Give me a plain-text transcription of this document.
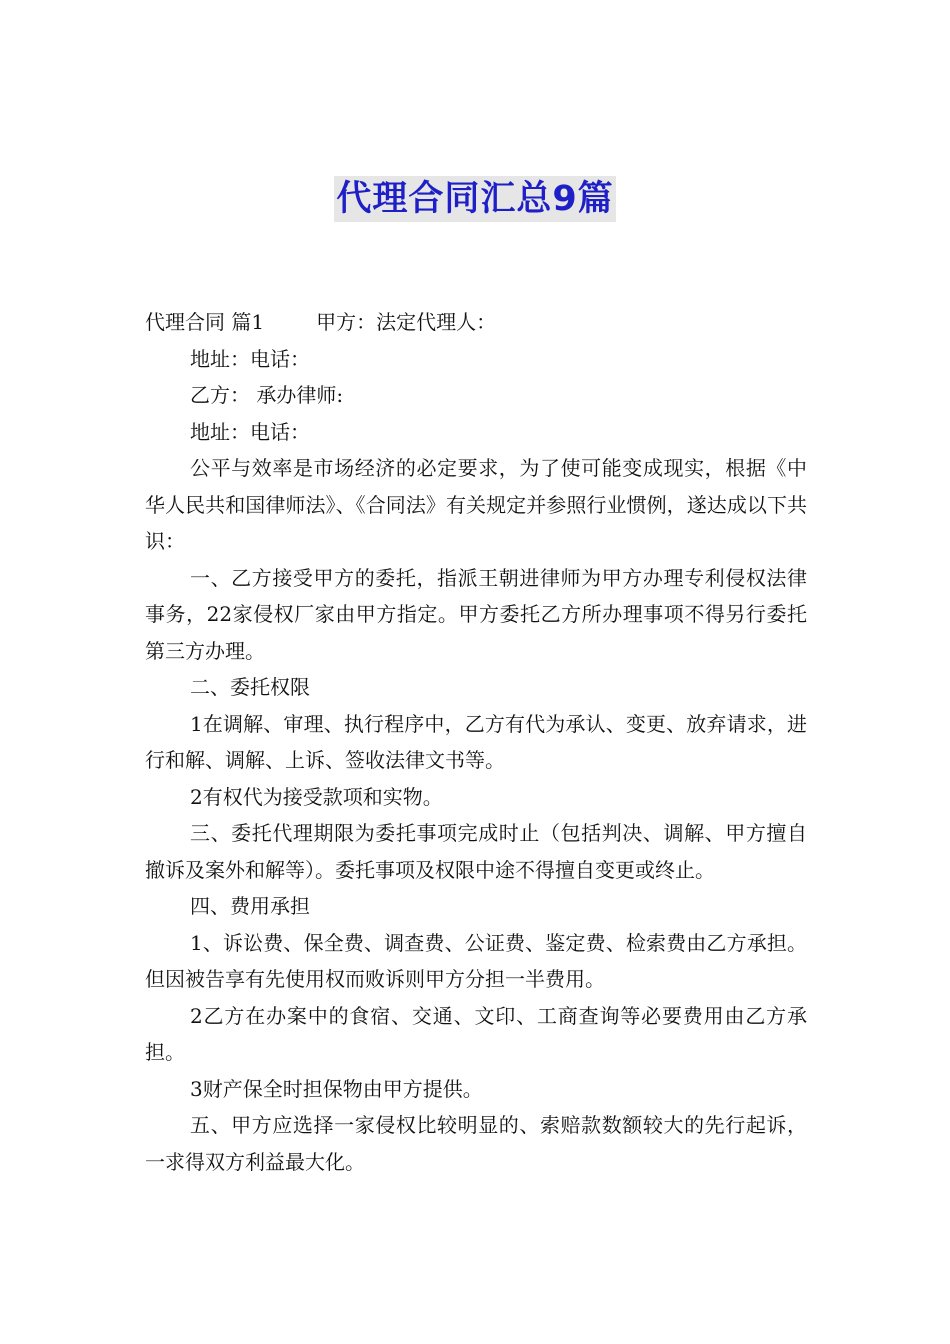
代理合同汇总9篇

代理合同 篇1	甲方：法定代理人：

地址：电话：

乙方： 承办律师:

地址：电话：

公平与效率是市场经济的必定要求，为了使可能变成现实，根据《中华人民共和国律师法》、《合同法》有关规定并参照行业惯例，遂达成以下共识：

一、乙方接受甲方的委托，指派王朝进律师为甲方办理专利侵权法律事务，22家侵权厂家由甲方指定。甲方委托乙方所办理事项不得另行委托第三方办理。

二、委托权限

1在调解、审理、执行程序中，乙方有代为承认、变更、放弃请求，进行和解、调解、上诉、签收法律文书等。

2有权代为接受款项和实物。

三、委托代理期限为委托事项完成时止（包括判决、调解、甲方擅自撤诉及案外和解等）。委托事项及权限中途不得擅自变更或终止。

四、费用承担

1、诉讼费、保全费、调查费、公证费、鉴定费、检索费由乙方承担。但因被告享有先使用权而败诉则甲方分担一半费用。

2乙方在办案中的食宿、交通、文印、工商查询等必要费用由乙方承担。

3财产保全时担保物由甲方提供。

五、甲方应选择一家侵权比较明显的、索赔款数额较大的先行起诉，一求得双方利益最大化。
